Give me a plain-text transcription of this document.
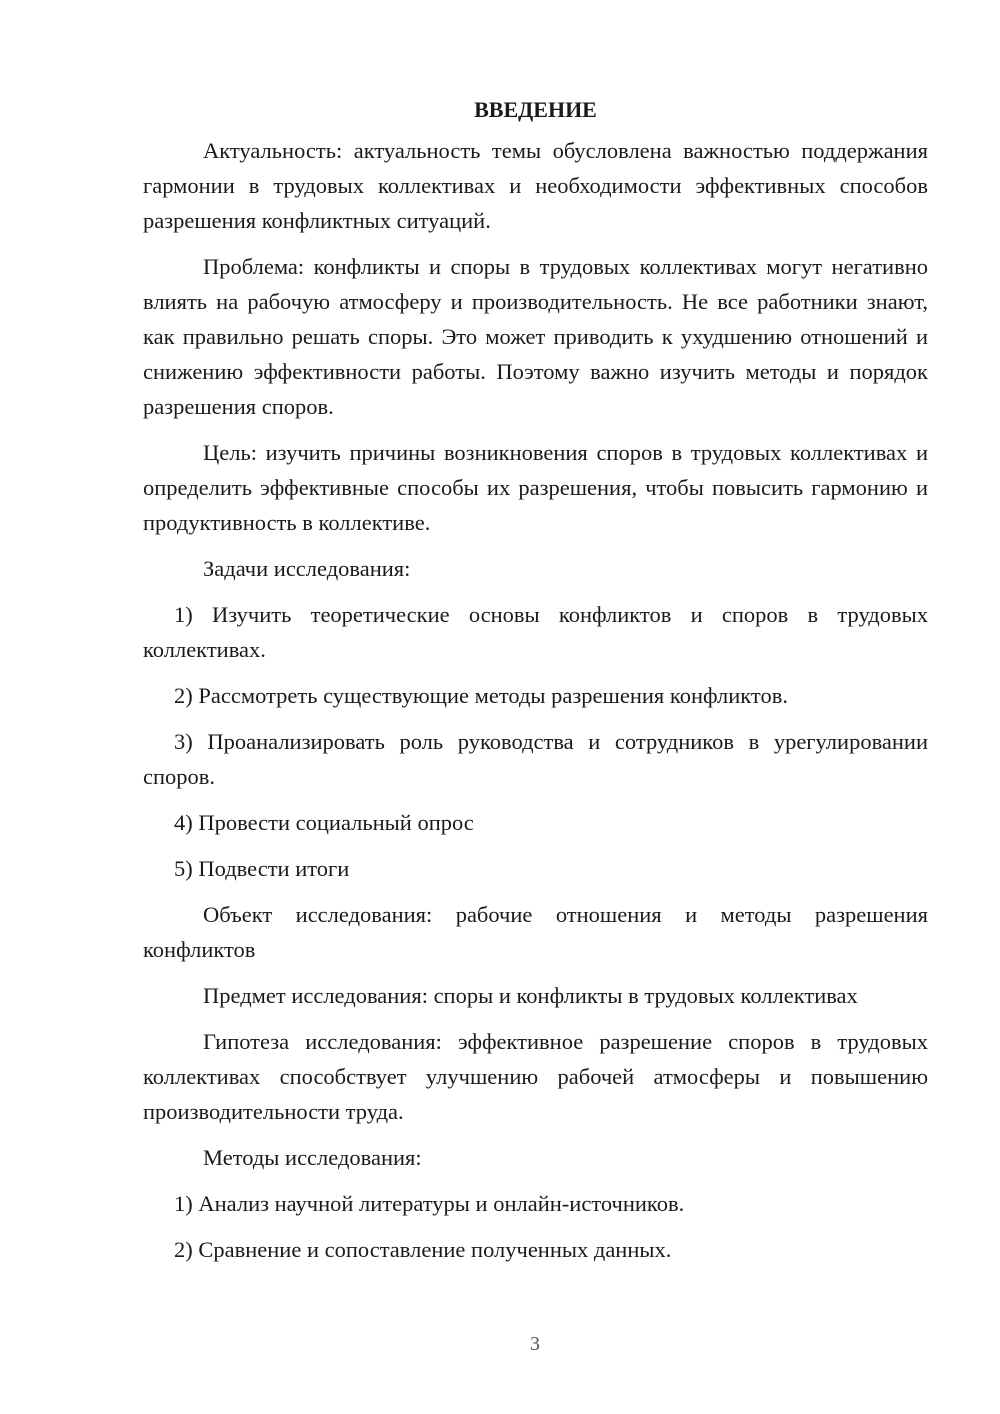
ВВЕДЕНИЕ

Актуальность: актуальность темы обусловлена важностью поддержания гармонии в трудовых коллективах и необходимости эффективных способов разрешения конфликтных ситуаций.

Проблема: конфликты и споры в трудовых коллективах могут негативно влиять на рабочую атмосферу и производительность. Не все работники знают, как правильно решать споры. Это может приводить к ухудшению отношений и снижению эффективности работы. Поэтому важно изучить методы и порядок разрешения споров.

Цель: изучить причины возникновения споров в трудовых коллективах и определить эффективные способы их разрешения, чтобы повысить гармонию и продуктивность в коллективе.

Задачи исследования:

1) Изучить теоретические основы конфликтов и споров в трудовых коллективах.

2) Рассмотреть существующие методы разрешения конфликтов.

3) Проанализировать роль руководства и сотрудников в урегулировании споров.

4) Провести социальный опрос

5) Подвести итоги

Объект исследования: рабочие отношения и методы разрешения конфликтов

Предмет исследования: споры и конфликты в трудовых коллективах

Гипотеза исследования: эффективное разрешение споров в трудовых коллективах способствует улучшению рабочей атмосферы и повышению производительности труда.

Методы исследования:

1) Анализ научной литературы и онлайн-источников.

2) Сравнение и сопоставление полученных данных.

3
